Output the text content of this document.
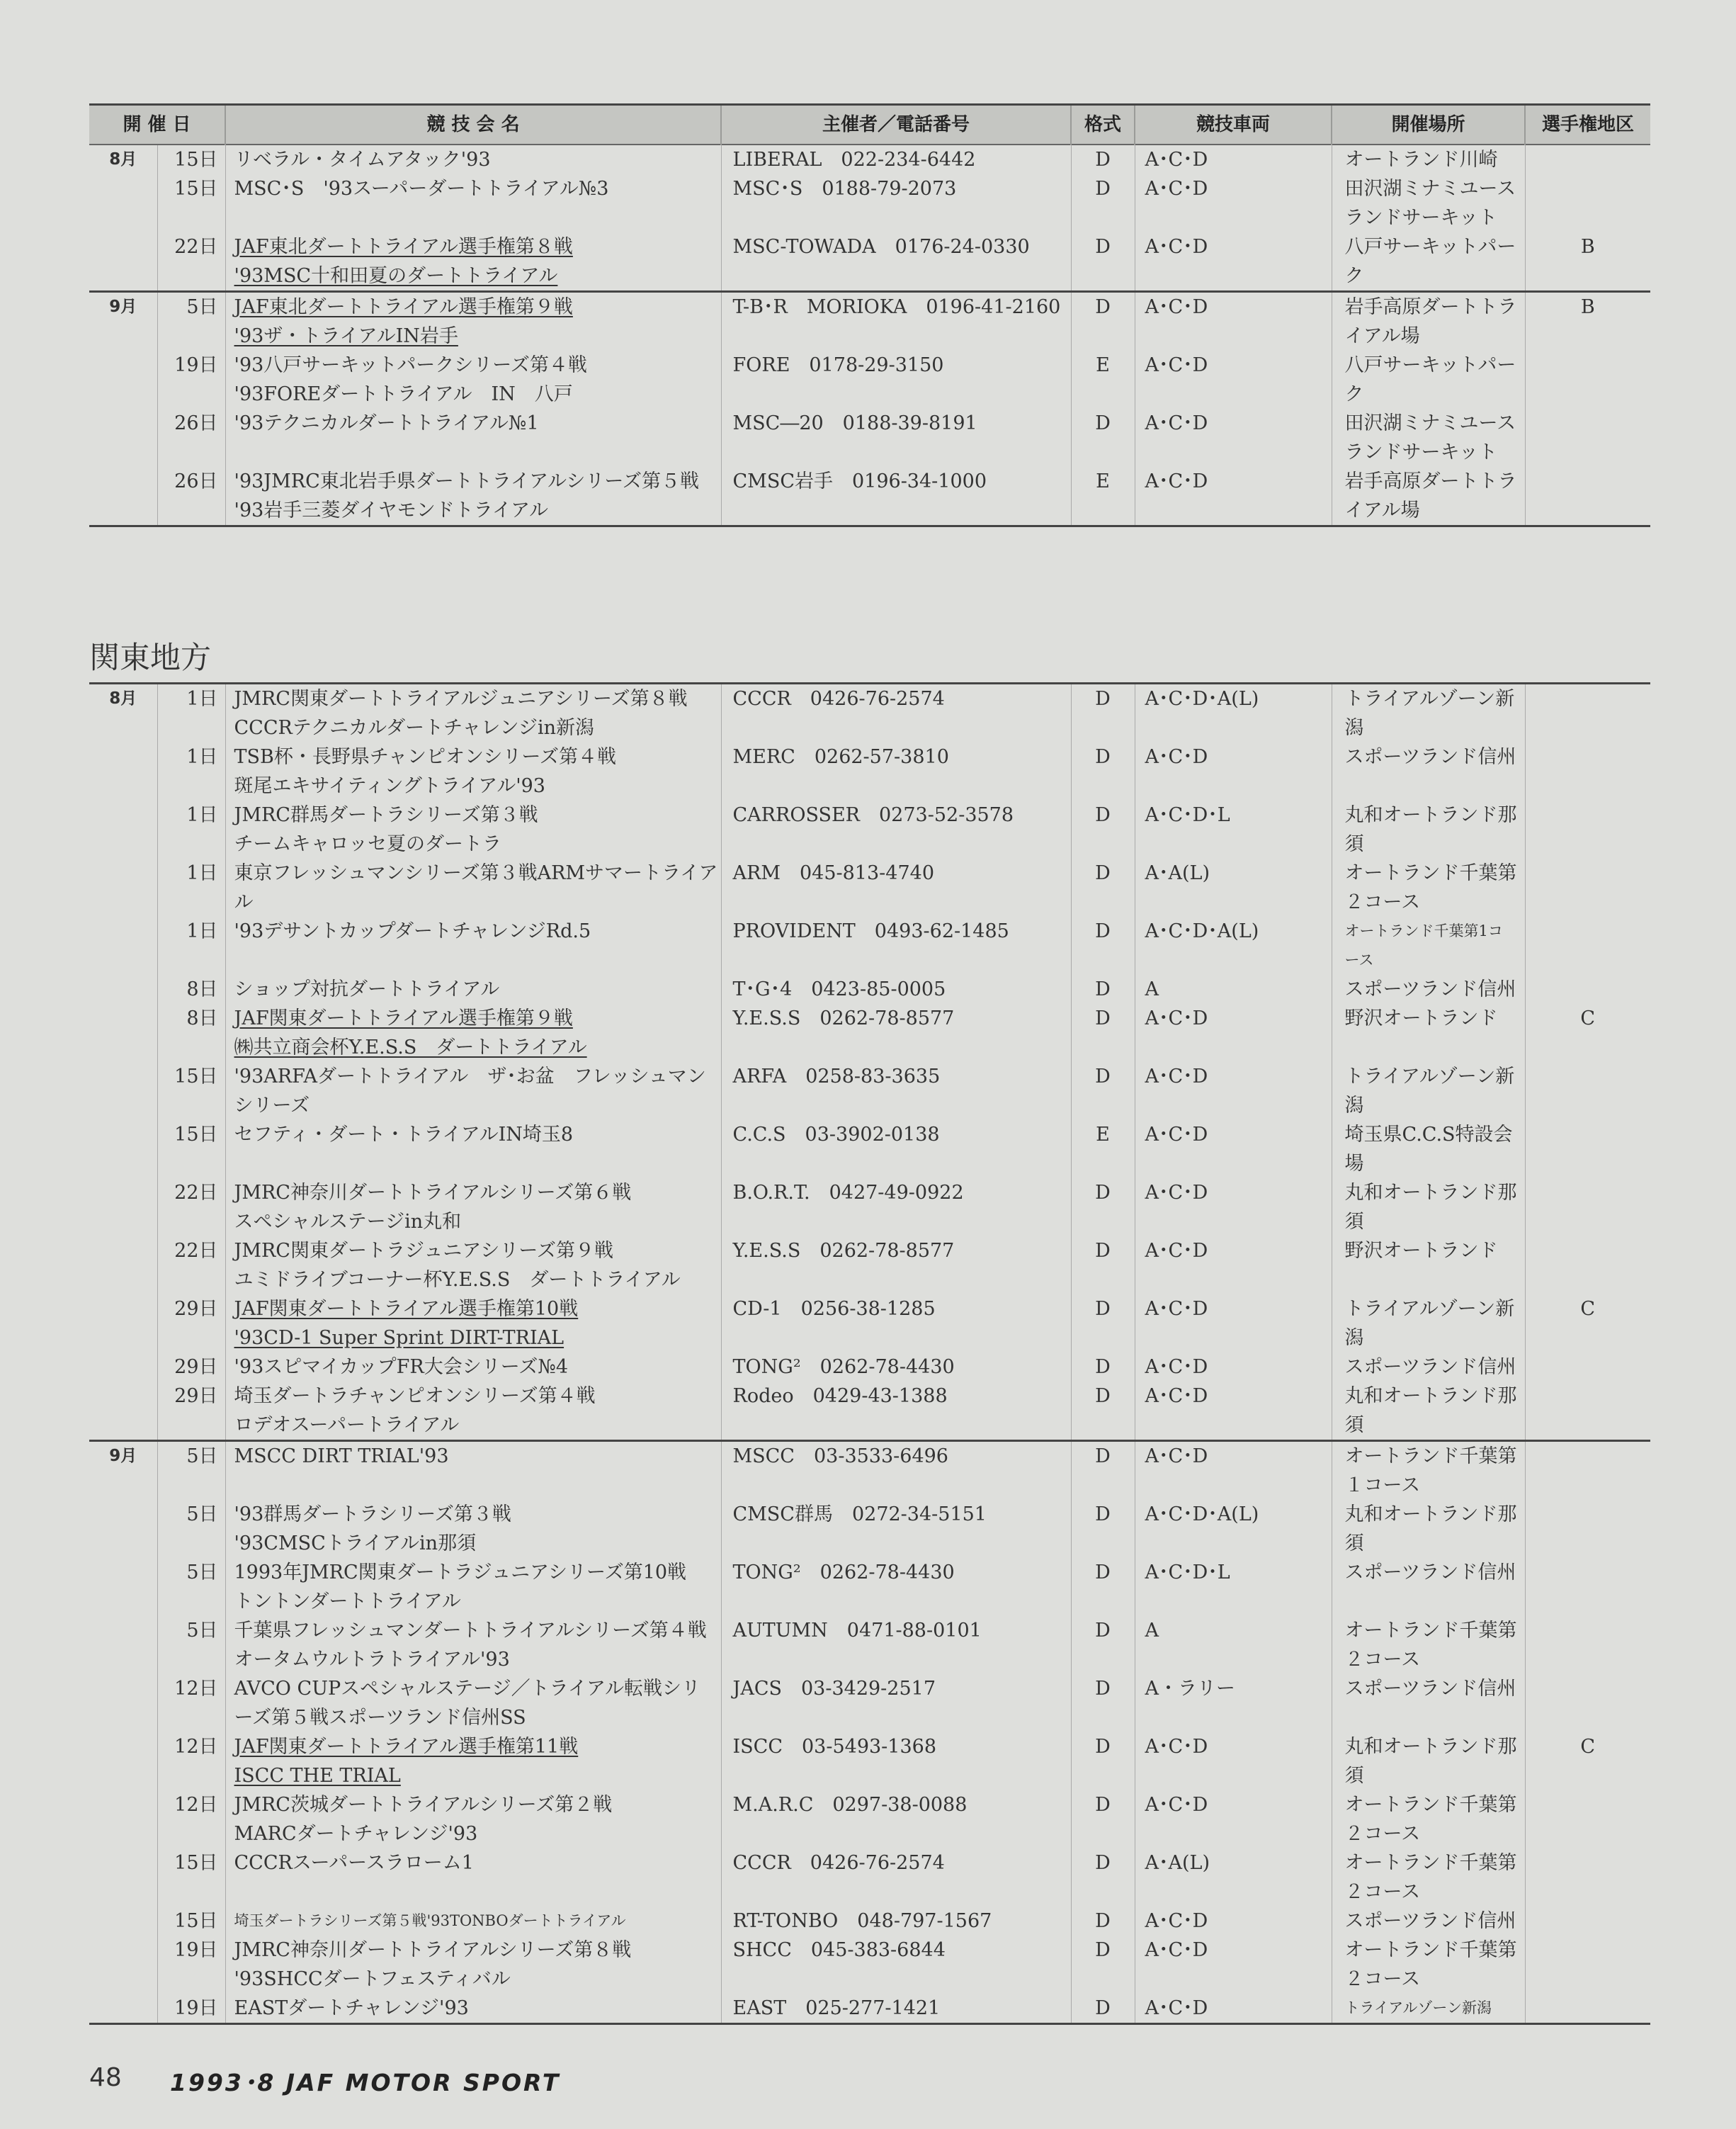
開 催 日		競 技 会 名	主催者／電話番号	格式	競技車両	開催場所	選手権地区
8月	15日	リベラル・タイムアタック'93	LIBERAL　022-234-6442	D	A･C･D	オートランド川崎	

	15日	MSC･S　'93スーパーダートトライアル№3	MSC･S　0188-79-2073	D	A･C･D	田沢湖ミナミユース
ランドサーキット	

	22日	JAF東北ダートトライアル選手権第８戦
'93MSC十和田夏のダートトライアル	MSC-TOWADA　0176-24-0330	D	A･C･D	八戸サーキットパー
ク	B
9月	5日	JAF東北ダートトライアル選手権第９戦
'93ザ・トライアルIN岩手	T-B･R　MORIOKA　0196-41-2160	D	A･C･D	岩手高原ダートトラ
イアル場	B
	19日	'93八戸サーキットパークシリーズ第４戦
'93FOREダートトライアル　IN　八戸	FORE　0178-29-3150	E	A･C･D	八戸サーキットパー
ク	

	26日	'93テクニカルダートトライアル№1	MSC―20　0188-39-8191	D	A･C･D	田沢湖ミナミユース
ランドサーキット	

	26日	'93JMRC東北岩手県ダートトライアルシリーズ第５戦
'93岩手三菱ダイヤモンドトライアル	CMSC岩手　0196-34-1000	E	A･C･D	岩手高原ダートトラ
イアル場	

関東地方
8月	1日	JMRC関東ダートトライアルジュニアシリーズ第８戦
CCCRテクニカルダートチャレンジin新潟	CCCR　0426-76-2574	D	A･C･D･A(L)	トライアルゾーン新
潟	

	1日	TSB杯・長野県チャンピオンシリーズ第４戦
斑尾エキサイティングトライアル'93	MERC　0262-57-3810	D	A･C･D	スポーツランド信州	

	1日	JMRC群馬ダートラシリーズ第３戦
チームキャロッセ夏のダートラ	CARROSSER　0273-52-3578	D	A･C･D･L	丸和オートランド那
須	

	1日	東京フレッシュマンシリーズ第３戦ARMサマートライア
ル	ARM　045-813-4740	D	A･A(L)	オートランド千葉第
２コース	

	1日	'93デサントカップダートチャレンジRd.5	PROVIDENT　0493-62-1485	D	A･C･D･A(L)	オートランド千葉第1コース	

	8日	ショップ対抗ダートトライアル	T･G･4　0423-85-0005	D	A	スポーツランド信州	

	8日	JAF関東ダートトライアル選手権第９戦
㈱共立商会杯Y.E.S.S　ダートトライアル	Y.E.S.S　0262-78-8577	D	A･C･D	野沢オートランド	C
	15日	'93ARFAダートトライアル　ザ･お盆　フレッシュマン
シリーズ	ARFA　0258-83-3635	D	A･C･D	トライアルゾーン新
潟	

	15日	セフティ・ダート・トライアルIN埼玉8	C.C.S　03-3902-0138	E	A･C･D	埼玉県C.C.S特設会場	

	22日	JMRC神奈川ダートトライアルシリーズ第６戦
スペシャルステージin丸和	B.O.R.T.　0427-49-0922	D	A･C･D	丸和オートランド那
須	

	22日	JMRC関東ダートラジュニアシリーズ第９戦
ユミドライブコーナー杯Y.E.S.S　ダートトライアル	Y.E.S.S　0262-78-8577	D	A･C･D	野沢オートランド	

	29日	JAF関東ダートトライアル選手権第10戦
'93CD-1 Super Sprint DIRT-TRIAL	CD-1　0256-38-1285	D	A･C･D	トライアルゾーン新
潟	C
	29日	'93スピマイカップFR大会シリーズ№4	TONG²　0262-78-4430	D	A･C･D	スポーツランド信州	

	29日	埼玉ダートラチャンピオンシリーズ第４戦
ロデオスーパートライアル	Rodeo　0429-43-1388	D	A･C･D	丸和オートランド那
須	

9月	5日	MSCC DIRT TRIAL'93	MSCC　03-3533-6496	D	A･C･D	オートランド千葉第
１コース	

	5日	'93群馬ダートラシリーズ第３戦
'93CMSCトライアルin那須	CMSC群馬　0272-34-5151	D	A･C･D･A(L)	丸和オートランド那
須	

	5日	1993年JMRC関東ダートラジュニアシリーズ第10戦
トントンダートトライアル	TONG²　0262-78-4430	D	A･C･D･L	スポーツランド信州	

	5日	千葉県フレッシュマンダートトライアルシリーズ第４戦
オータムウルトラトライアル'93	AUTUMN　0471-88-0101	D	A	オートランド千葉第
２コース	

	12日	AVCO CUPスペシャルステージ／トライアル転戦シリ
ーズ第５戦スポーツランド信州SS	JACS　03-3429-2517	D	A・ラリー	スポーツランド信州	

	12日	JAF関東ダートトライアル選手権第11戦
ISCC THE TRIAL	ISCC　03-5493-1368	D	A･C･D	丸和オートランド那
須	C
	12日	JMRC茨城ダートトライアルシリーズ第２戦
MARCダートチャレンジ'93	M.A.R.C　0297-38-0088	D	A･C･D	オートランド千葉第
２コース	

	15日	CCCRスーパースラローム1	CCCR　0426-76-2574	D	A･A(L)	オートランド千葉第
２コース	

	15日	埼玉ダートラシリーズ第５戦'93TONBOダートトライアル	RT-TONBO　048-797-1567	D	A･C･D	スポーツランド信州	

	19日	JMRC神奈川ダートトライアルシリーズ第８戦
'93SHCCダートフェスティバル	SHCC　045-383-6844	D	A･C･D	オートランド千葉第
２コース	

	19日	EASTダートチャレンジ'93	EAST　025-277-1421	D	A･C･D	トライアルゾーン新潟	

48 1993･8 JAF MOTOR SPORT
